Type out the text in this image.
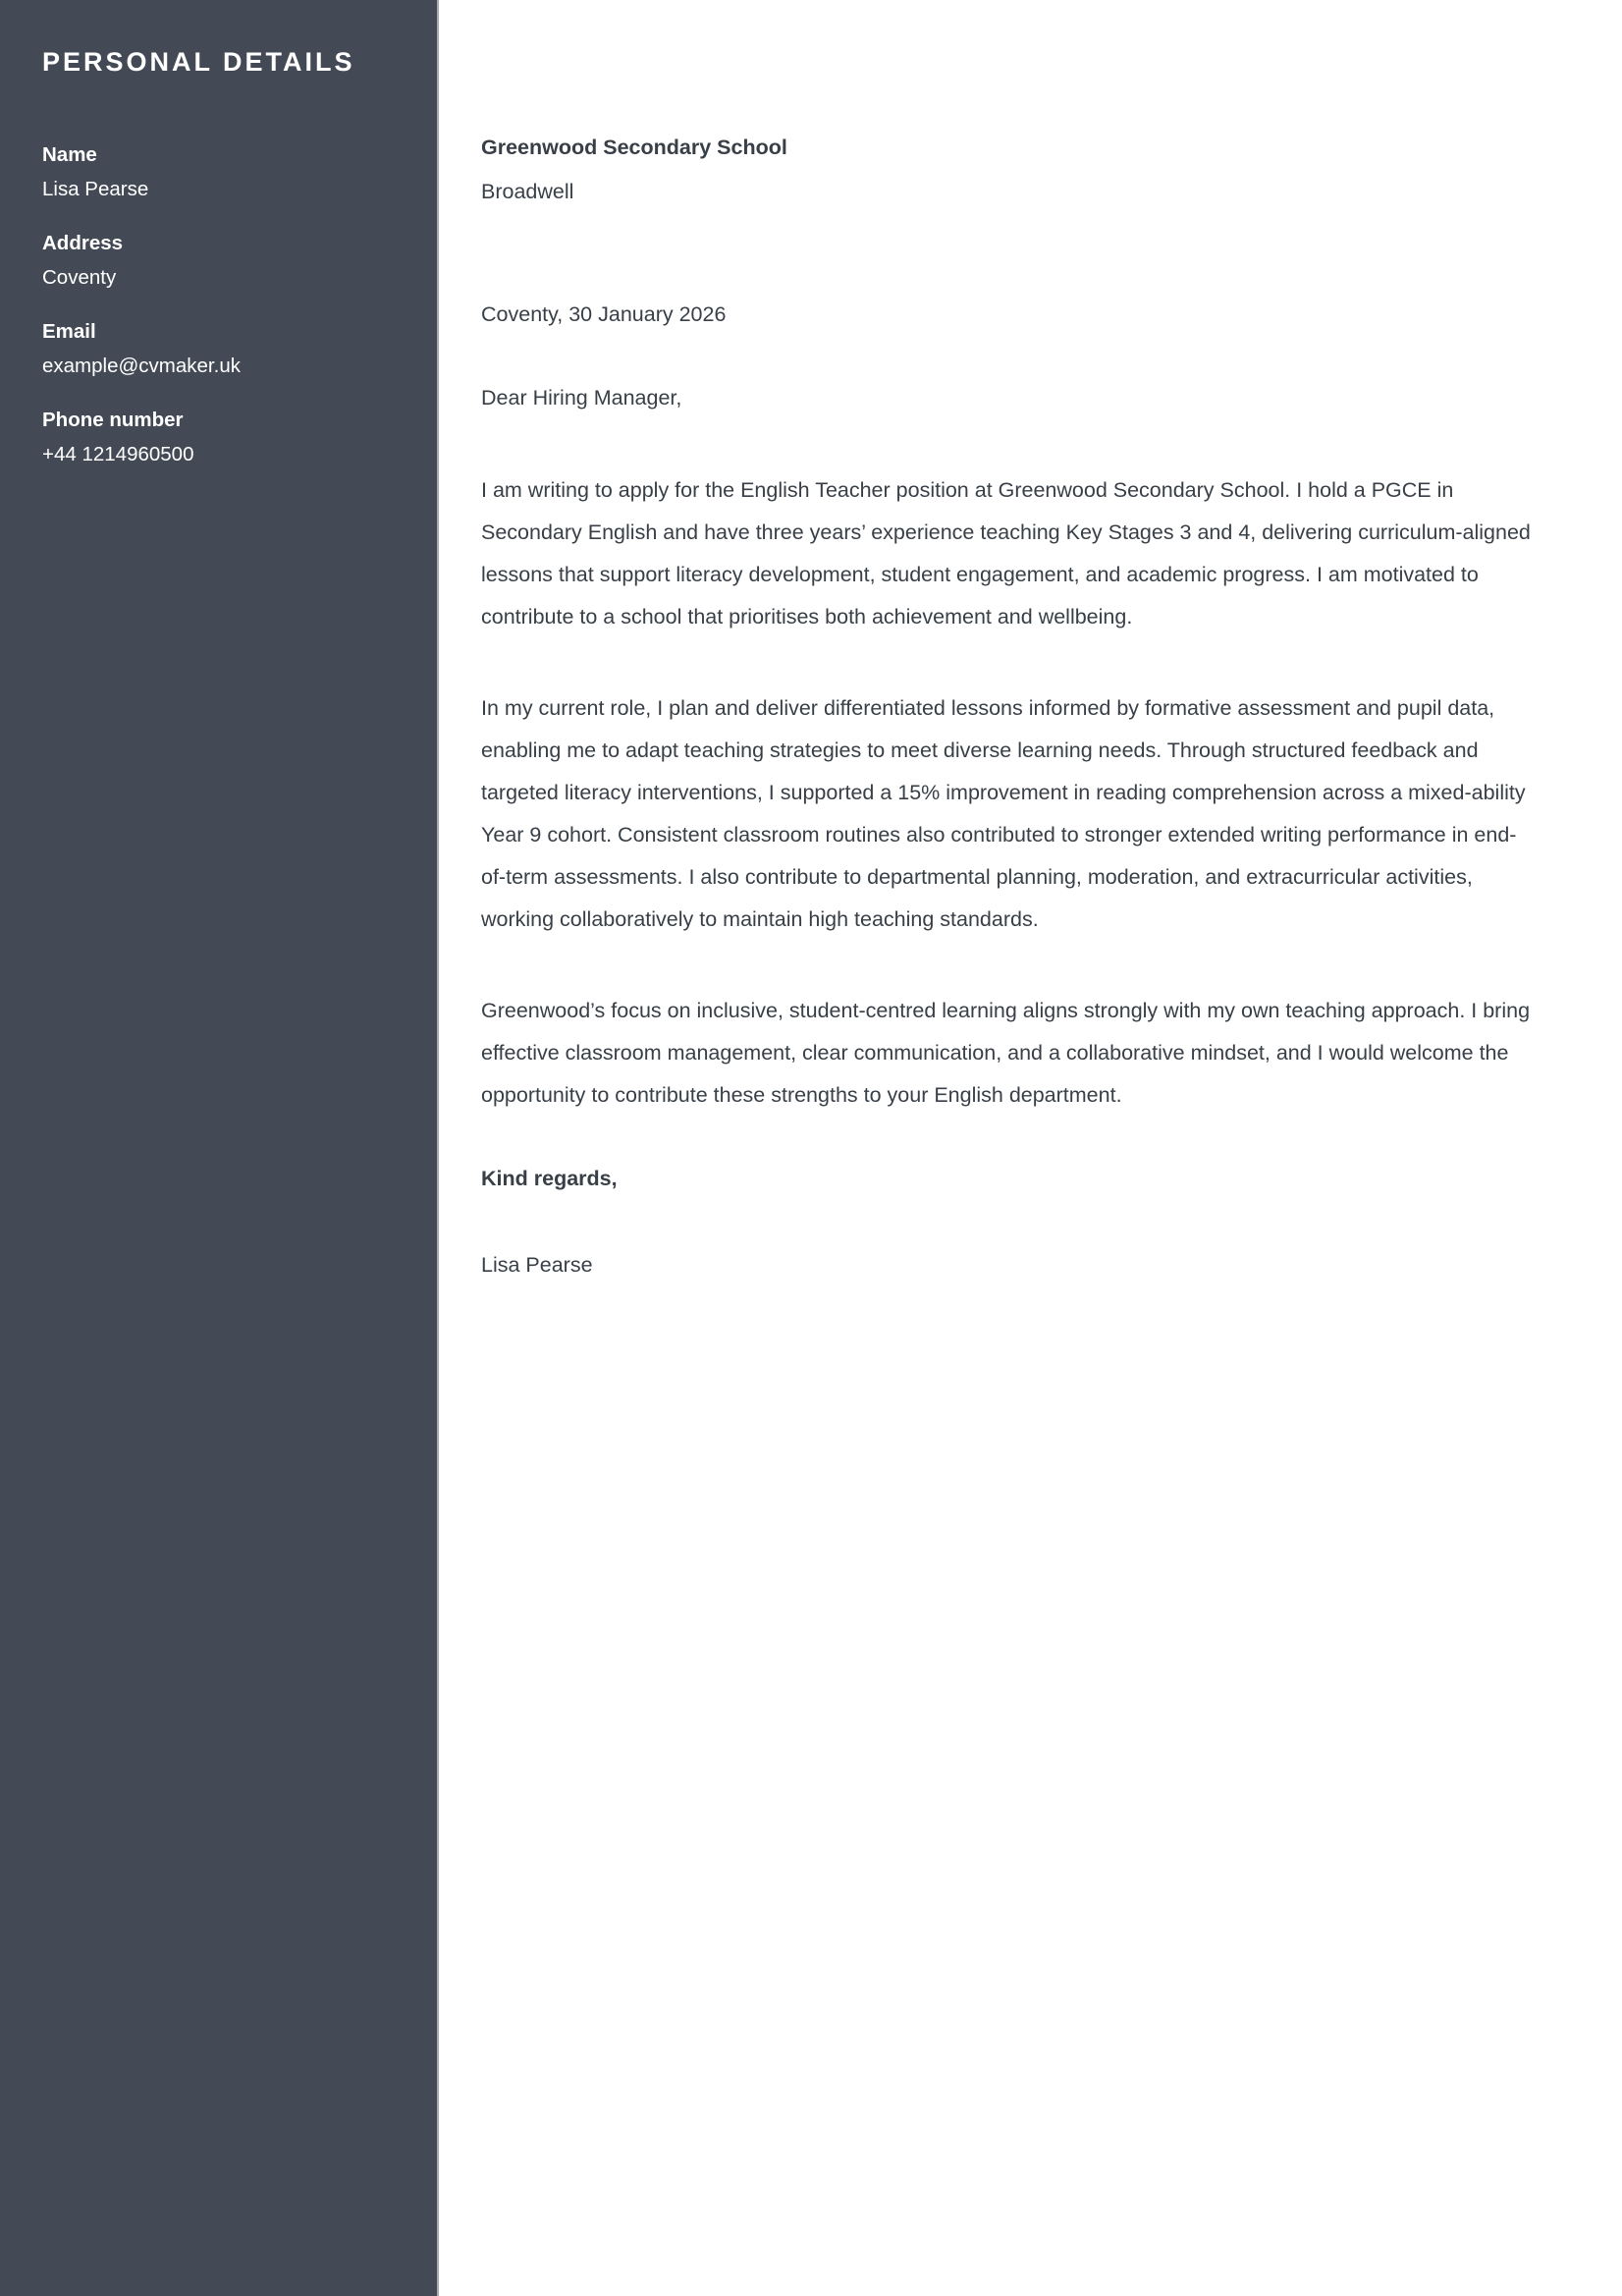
PERSONAL DETAILS
Name
Lisa Pearse
Address
Coventy
Email
example@cvmaker.uk
Phone number
+44 1214960500
Greenwood Secondary School
Broadwell
Coventy, 30 January 2026
Dear Hiring Manager,

I am writing to apply for the English Teacher position at Greenwood Secondary School. I hold a PGCE in Secondary English and have three years’ experience teaching Key Stages 3 and 4, delivering curriculum-aligned lessons that support literacy development, student engagement, and academic progress. I am motivated to contribute to a school that prioritises both achievement and wellbeing.

In my current role, I plan and deliver differentiated lessons informed by formative assessment and pupil data, enabling me to adapt teaching strategies to meet diverse learning needs. Through structured feedback and targeted literacy interventions, I supported a 15% improvement in reading comprehension across a mixed-ability Year 9 cohort. Consistent classroom routines also contributed to stronger extended writing performance in end-of-term assessments. I also contribute to departmental planning, moderation, and extracurricular activities, working collaboratively to maintain high teaching standards.

Greenwood’s focus on inclusive, student-centred learning aligns strongly with my own teaching approach. I bring effective classroom management, clear communication, and a collaborative mindset, and I would welcome the opportunity to contribute these strengths to your English department.

Kind regards,
Lisa Pearse
